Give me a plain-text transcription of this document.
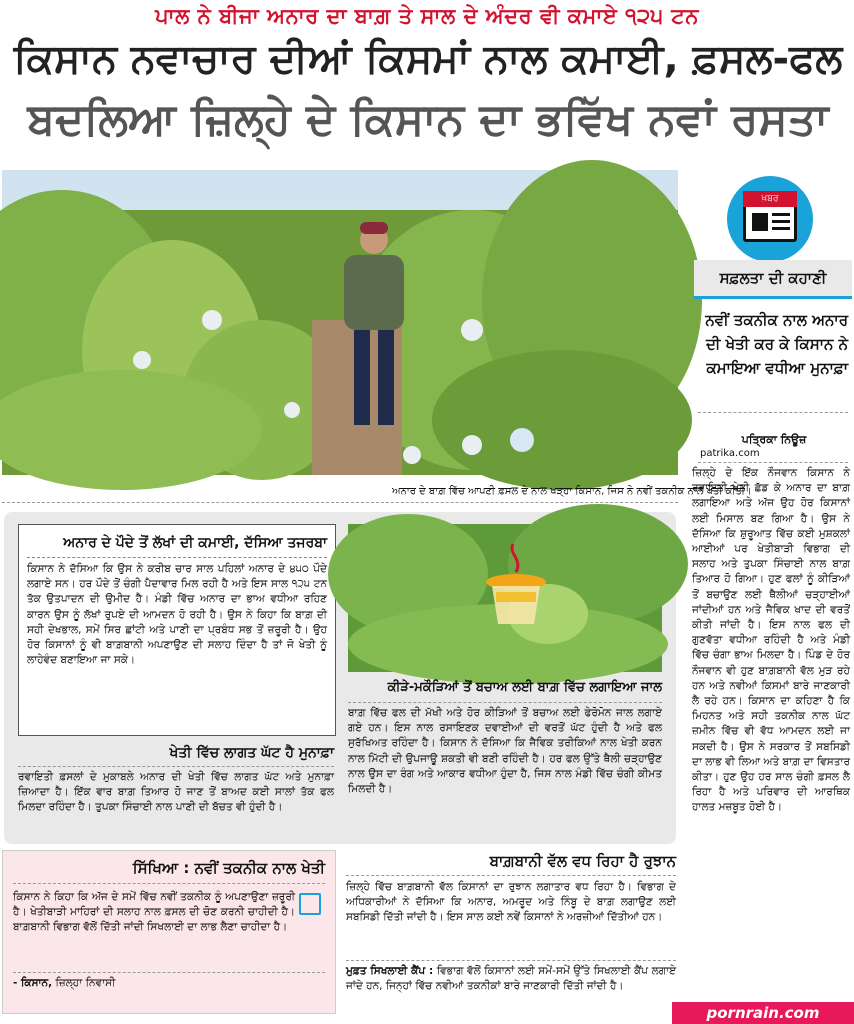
ਪਾਲ ਨੇ ਬੀਜਾ ਅਨਾਰ ਦਾ ਬਾਗ਼ ਤੇ ਸਾਲ ਦੇ ਅੰਦਰ ਵੀ ਕਮਾਏ ੧੨੫ ਟਨ
ਕਿਸਾਨ ਨਵਾਚਾਰ ਦੀਆਂ ਕਿਸਮਾਂ ਨਾਲ ਕਮਾਈ, ਫ਼ਸਲ-ਫਲ
ਬਦਲਿਆ ਜ਼ਿਲ੍ਹੇ ਦੇ ਕਿਸਾਨ ਦਾ ਭਵਿੱਖ ਨਵਾਂ ਰਸਤਾ
ਅਨਾਰ ਦੇ ਬਾਗ਼ ਵਿੱਚ ਆਪਣੀ ਫ਼ਸਲ ਦੇ ਨਾਲ ਖੜ੍ਹਾ ਕਿਸਾਨ, ਜਿਸ ਨੇ ਨਵੀਂ ਤਕਨੀਕ ਨਾਲ ਖੇਤੀ ਕੀਤੀ।
ਖ਼ਬਰ
ਸਫ਼ਲਤਾ ਦੀ ਕਹਾਣੀ
ਨਵੀਂ ਤਕਨੀਕ ਨਾਲ ਅਨਾਰ ਦੀ ਖੇਤੀ ਕਰ ਕੇ ਕਿਸਾਨ ਨੇ ਕਮਾਇਆ ਵਧੀਆ ਮੁਨਾਫ਼ਾ
ਪਤ੍ਰਿਕਾ ਨਿਊਜ਼
patrika.com
ਜ਼ਿਲ੍ਹੇ ਦੇ ਇੱਕ ਨੌਜਵਾਨ ਕਿਸਾਨ ਨੇ ਰਵਾਇਤੀ ਖੇਤੀ ਛੱਡ ਕੇ ਅਨਾਰ ਦਾ ਬਾਗ਼ ਲਗਾਇਆ ਅਤੇ ਅੱਜ ਉਹ ਹੋਰ ਕਿਸਾਨਾਂ ਲਈ ਮਿਸਾਲ ਬਣ ਗਿਆ ਹੈ। ਉਸ ਨੇ ਦੱਸਿਆ ਕਿ ਸ਼ੁਰੂਆਤ ਵਿੱਚ ਕਈ ਮੁਸ਼ਕਲਾਂ ਆਈਆਂ ਪਰ ਖੇਤੀਬਾੜੀ ਵਿਭਾਗ ਦੀ ਸਲਾਹ ਅਤੇ ਤੁਪਕਾ ਸਿੰਚਾਈ ਨਾਲ ਬਾਗ਼ ਤਿਆਰ ਹੋ ਗਿਆ। ਹੁਣ ਫਲਾਂ ਨੂੰ ਕੀੜਿਆਂ ਤੋਂ ਬਚਾਉਣ ਲਈ ਥੈਲੀਆਂ ਚੜ੍ਹਾਈਆਂ ਜਾਂਦੀਆਂ ਹਨ ਅਤੇ ਜੈਵਿਕ ਖਾਦ ਦੀ ਵਰਤੋਂ ਕੀਤੀ ਜਾਂਦੀ ਹੈ। ਇਸ ਨਾਲ ਫਲ ਦੀ ਗੁਣਵੱਤਾ ਵਧੀਆ ਰਹਿੰਦੀ ਹੈ ਅਤੇ ਮੰਡੀ ਵਿੱਚ ਚੰਗਾ ਭਾਅ ਮਿਲਦਾ ਹੈ। ਪਿੰਡ ਦੇ ਹੋਰ ਨੌਜਵਾਨ ਵੀ ਹੁਣ ਬਾਗ਼ਬਾਨੀ ਵੱਲ ਮੁੜ ਰਹੇ ਹਨ ਅਤੇ ਨਵੀਆਂ ਕਿਸਮਾਂ ਬਾਰੇ ਜਾਣਕਾਰੀ ਲੈ ਰਹੇ ਹਨ। ਕਿਸਾਨ ਦਾ ਕਹਿਣਾ ਹੈ ਕਿ ਮਿਹਨਤ ਅਤੇ ਸਹੀ ਤਕਨੀਕ ਨਾਲ ਘੱਟ ਜ਼ਮੀਨ ਵਿੱਚ ਵੀ ਵੱਧ ਆਮਦਨ ਲਈ ਜਾ ਸਕਦੀ ਹੈ। ਉਸ ਨੇ ਸਰਕਾਰ ਤੋਂ ਸਬਸਿਡੀ ਦਾ ਲਾਭ ਵੀ ਲਿਆ ਅਤੇ ਬਾਗ਼ ਦਾ ਵਿਸਤਾਰ ਕੀਤਾ। ਹੁਣ ਉਹ ਹਰ ਸਾਲ ਚੰਗੀ ਫ਼ਸਲ ਲੈ ਰਿਹਾ ਹੈ ਅਤੇ ਪਰਿਵਾਰ ਦੀ ਆਰਥਿਕ ਹਾਲਤ ਮਜ਼ਬੂਤ ਹੋਈ ਹੈ।
ਅਨਾਰ ਦੇ ਪੌਦੇ ਤੋਂ ਲੱਖਾਂ ਦੀ ਕਮਾਈ, ਦੱਸਿਆ ਤਜਰਬਾ
ਕਿਸਾਨ ਨੇ ਦੱਸਿਆ ਕਿ ਉਸ ਨੇ ਕਰੀਬ ਚਾਰ ਸਾਲ ਪਹਿਲਾਂ ਅਨਾਰ ਦੇ ੪੫੦ ਪੌਦੇ ਲਗਾਏ ਸਨ। ਹਰ ਪੌਦੇ ਤੋਂ ਚੰਗੀ ਪੈਦਾਵਾਰ ਮਿਲ ਰਹੀ ਹੈ ਅਤੇ ਇਸ ਸਾਲ ੧੨੫ ਟਨ ਤੱਕ ਉਤਪਾਦਨ ਦੀ ਉਮੀਦ ਹੈ। ਮੰਡੀ ਵਿੱਚ ਅਨਾਰ ਦਾ ਭਾਅ ਵਧੀਆ ਰਹਿਣ ਕਾਰਨ ਉਸ ਨੂੰ ਲੱਖਾਂ ਰੁਪਏ ਦੀ ਆਮਦਨ ਹੋ ਰਹੀ ਹੈ। ਉਸ ਨੇ ਕਿਹਾ ਕਿ ਬਾਗ਼ ਦੀ ਸਹੀ ਦੇਖਭਾਲ, ਸਮੇਂ ਸਿਰ ਛਾਂਟੀ ਅਤੇ ਪਾਣੀ ਦਾ ਪ੍ਰਬੰਧ ਸਭ ਤੋਂ ਜ਼ਰੂਰੀ ਹੈ। ਉਹ ਹੋਰ ਕਿਸਾਨਾਂ ਨੂੰ ਵੀ ਬਾਗ਼ਬਾਨੀ ਅਪਣਾਉਣ ਦੀ ਸਲਾਹ ਦਿੰਦਾ ਹੈ ਤਾਂ ਜੋ ਖੇਤੀ ਨੂੰ ਲਾਹੇਵੰਦ ਬਣਾਇਆ ਜਾ ਸਕੇ।
ਖੇਤੀ ਵਿੱਚ ਲਾਗਤ ਘੱਟ ਹੈ ਮੁਨਾਫ਼ਾ
ਰਵਾਇਤੀ ਫ਼ਸਲਾਂ ਦੇ ਮੁਕਾਬਲੇ ਅਨਾਰ ਦੀ ਖੇਤੀ ਵਿੱਚ ਲਾਗਤ ਘੱਟ ਅਤੇ ਮੁਨਾਫ਼ਾ ਜ਼ਿਆਦਾ ਹੈ। ਇੱਕ ਵਾਰ ਬਾਗ਼ ਤਿਆਰ ਹੋ ਜਾਣ ਤੋਂ ਬਾਅਦ ਕਈ ਸਾਲਾਂ ਤੱਕ ਫਲ ਮਿਲਦਾ ਰਹਿੰਦਾ ਹੈ। ਤੁਪਕਾ ਸਿੰਚਾਈ ਨਾਲ ਪਾਣੀ ਦੀ ਬੱਚਤ ਵੀ ਹੁੰਦੀ ਹੈ।
ਕੀੜੇ-ਮਕੌੜਿਆਂ ਤੋਂ ਬਚਾਅ ਲਈ ਬਾਗ਼ ਵਿੱਚ ਲਗਾਇਆ ਜਾਲ
ਬਾਗ਼ ਵਿੱਚ ਫਲ ਦੀ ਮੱਖੀ ਅਤੇ ਹੋਰ ਕੀੜਿਆਂ ਤੋਂ ਬਚਾਅ ਲਈ ਫੇਰੋਮੋਨ ਜਾਲ ਲਗਾਏ ਗਏ ਹਨ। ਇਸ ਨਾਲ ਰਸਾਇਣਕ ਦਵਾਈਆਂ ਦੀ ਵਰਤੋਂ ਘੱਟ ਹੁੰਦੀ ਹੈ ਅਤੇ ਫਲ ਸੁਰੱਖਿਅਤ ਰਹਿੰਦਾ ਹੈ। ਕਿਸਾਨ ਨੇ ਦੱਸਿਆ ਕਿ ਜੈਵਿਕ ਤਰੀਕਿਆਂ ਨਾਲ ਖੇਤੀ ਕਰਨ ਨਾਲ ਮਿੱਟੀ ਦੀ ਉਪਜਾਊ ਸ਼ਕਤੀ ਵੀ ਬਣੀ ਰਹਿੰਦੀ ਹੈ। ਹਰ ਫਲ ਉੱਤੇ ਥੈਲੀ ਚੜ੍ਹਾਉਣ ਨਾਲ ਉਸ ਦਾ ਰੰਗ ਅਤੇ ਆਕਾਰ ਵਧੀਆ ਹੁੰਦਾ ਹੈ, ਜਿਸ ਨਾਲ ਮੰਡੀ ਵਿੱਚ ਚੰਗੀ ਕੀਮਤ ਮਿਲਦੀ ਹੈ।
ਸਿੱਖਿਆ : ਨਵੀਂ ਤਕਨੀਕ ਨਾਲ ਖੇਤੀ
ਕਿਸਾਨ ਨੇ ਕਿਹਾ ਕਿ ਅੱਜ ਦੇ ਸਮੇਂ ਵਿੱਚ ਨਵੀਂ ਤਕਨੀਕ ਨੂੰ ਅਪਣਾਉਣਾ ਜ਼ਰੂਰੀ ਹੈ। ਖੇਤੀਬਾੜੀ ਮਾਹਿਰਾਂ ਦੀ ਸਲਾਹ ਨਾਲ ਫ਼ਸਲ ਦੀ ਚੋਣ ਕਰਨੀ ਚਾਹੀਦੀ ਹੈ। ਬਾਗ਼ਬਾਨੀ ਵਿਭਾਗ ਵੱਲੋਂ ਦਿੱਤੀ ਜਾਂਦੀ ਸਿਖਲਾਈ ਦਾ ਲਾਭ ਲੈਣਾ ਚਾਹੀਦਾ ਹੈ।
- ਕਿਸਾਨ, ਜ਼ਿਲ੍ਹਾ ਨਿਵਾਸੀ
ਬਾਗ਼ਬਾਨੀ ਵੱਲ ਵਧ ਰਿਹਾ ਹੈ ਰੁਝਾਨ
ਜ਼ਿਲ੍ਹੇ ਵਿੱਚ ਬਾਗ਼ਬਾਨੀ ਵੱਲ ਕਿਸਾਨਾਂ ਦਾ ਰੁਝਾਨ ਲਗਾਤਾਰ ਵਧ ਰਿਹਾ ਹੈ। ਵਿਭਾਗ ਦੇ ਅਧਿਕਾਰੀਆਂ ਨੇ ਦੱਸਿਆ ਕਿ ਅਨਾਰ, ਅਮਰੂਦ ਅਤੇ ਨਿੰਬੂ ਦੇ ਬਾਗ਼ ਲਗਾਉਣ ਲਈ ਸਬਸਿਡੀ ਦਿੱਤੀ ਜਾਂਦੀ ਹੈ। ਇਸ ਸਾਲ ਕਈ ਨਵੇਂ ਕਿਸਾਨਾਂ ਨੇ ਅਰਜ਼ੀਆਂ ਦਿੱਤੀਆਂ ਹਨ।
ਮੁਫ਼ਤ ਸਿਖਲਾਈ ਕੈਂਪ : ਵਿਭਾਗ ਵੱਲੋਂ ਕਿਸਾਨਾਂ ਲਈ ਸਮੇਂ-ਸਮੇਂ ਉੱਤੇ ਸਿਖਲਾਈ ਕੈਂਪ ਲਗਾਏ ਜਾਂਦੇ ਹਨ, ਜਿਨ੍ਹਾਂ ਵਿੱਚ ਨਵੀਆਂ ਤਕਨੀਕਾਂ ਬਾਰੇ ਜਾਣਕਾਰੀ ਦਿੱਤੀ ਜਾਂਦੀ ਹੈ।
pornrain.com
